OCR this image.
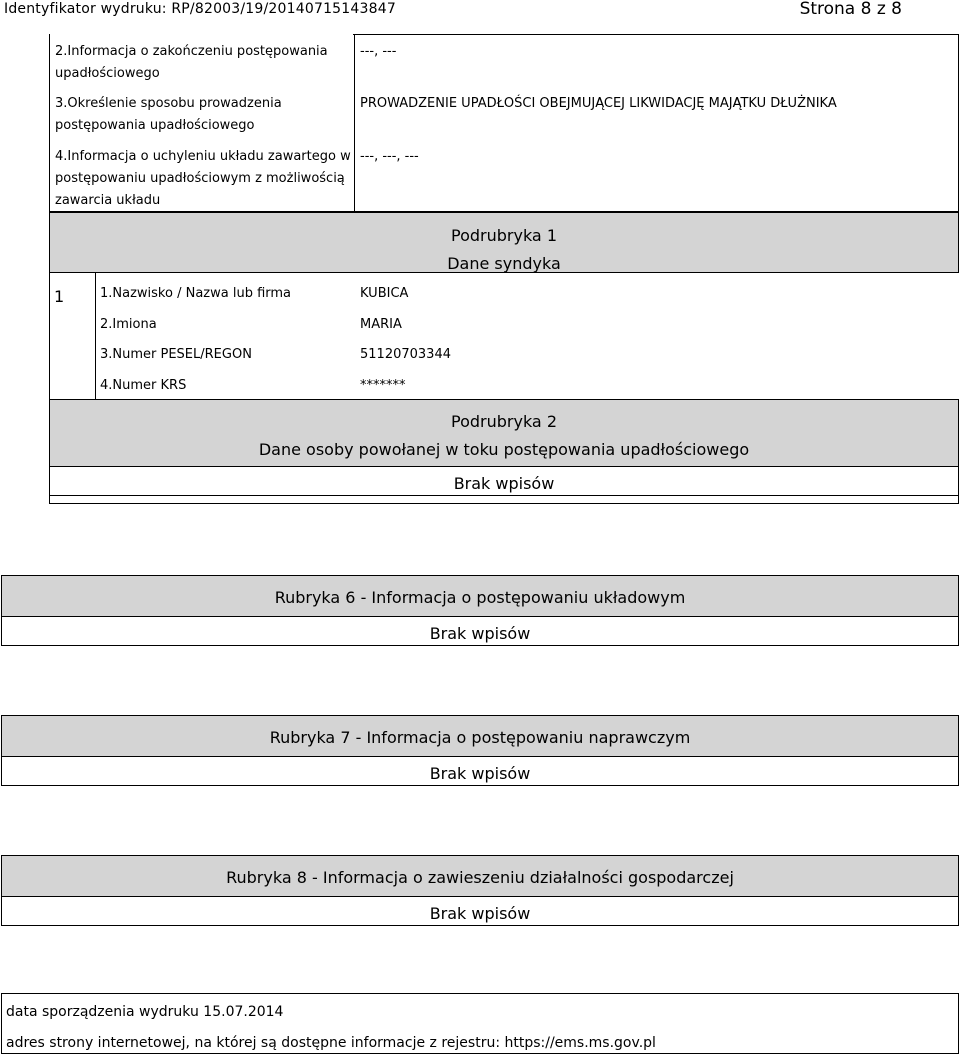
Identyfikator wydruku: RP/82003/19/20140715143847	Strona 8 z 8
2.Informacja o zakończeniu postępowania
upadłościowego
---, ---
3.Określenie sposobu prowadzenia
postępowania upadłościowego
PROWADZENIE UPADŁOŚCI OBEJMUJĄCEJ LIKWIDACJĘ MAJĄTKU DŁUŻNIKA
4.Informacja o uchyleniu układu zawartego w
postępowaniu upadłościowym z możliwością
zawarcia układu
---, ---, ---
Podrubryka 1
Dane syndyka
1	1.Nazwisko / Nazwa lub firma	KUBICA
2.Imiona	MARIA
3.Numer PESEL/REGON	51120703344
4.Numer KRS	*******
Podrubryka 2
Dane osoby powołanej w toku postępowania upadłościowego
Brak wpisów
Rubryka 6 - Informacja o postępowaniu układowym
Brak wpisów
Rubryka 7 - Informacja o postępowaniu naprawczym
Brak wpisów
Rubryka 8 - Informacja o zawieszeniu działalności gospodarczej
Brak wpisów
data sporządzenia wydruku 15.07.2014
adres strony internetowej, na której są dostępne informacje z rejestru: https://ems.ms.gov.pl
